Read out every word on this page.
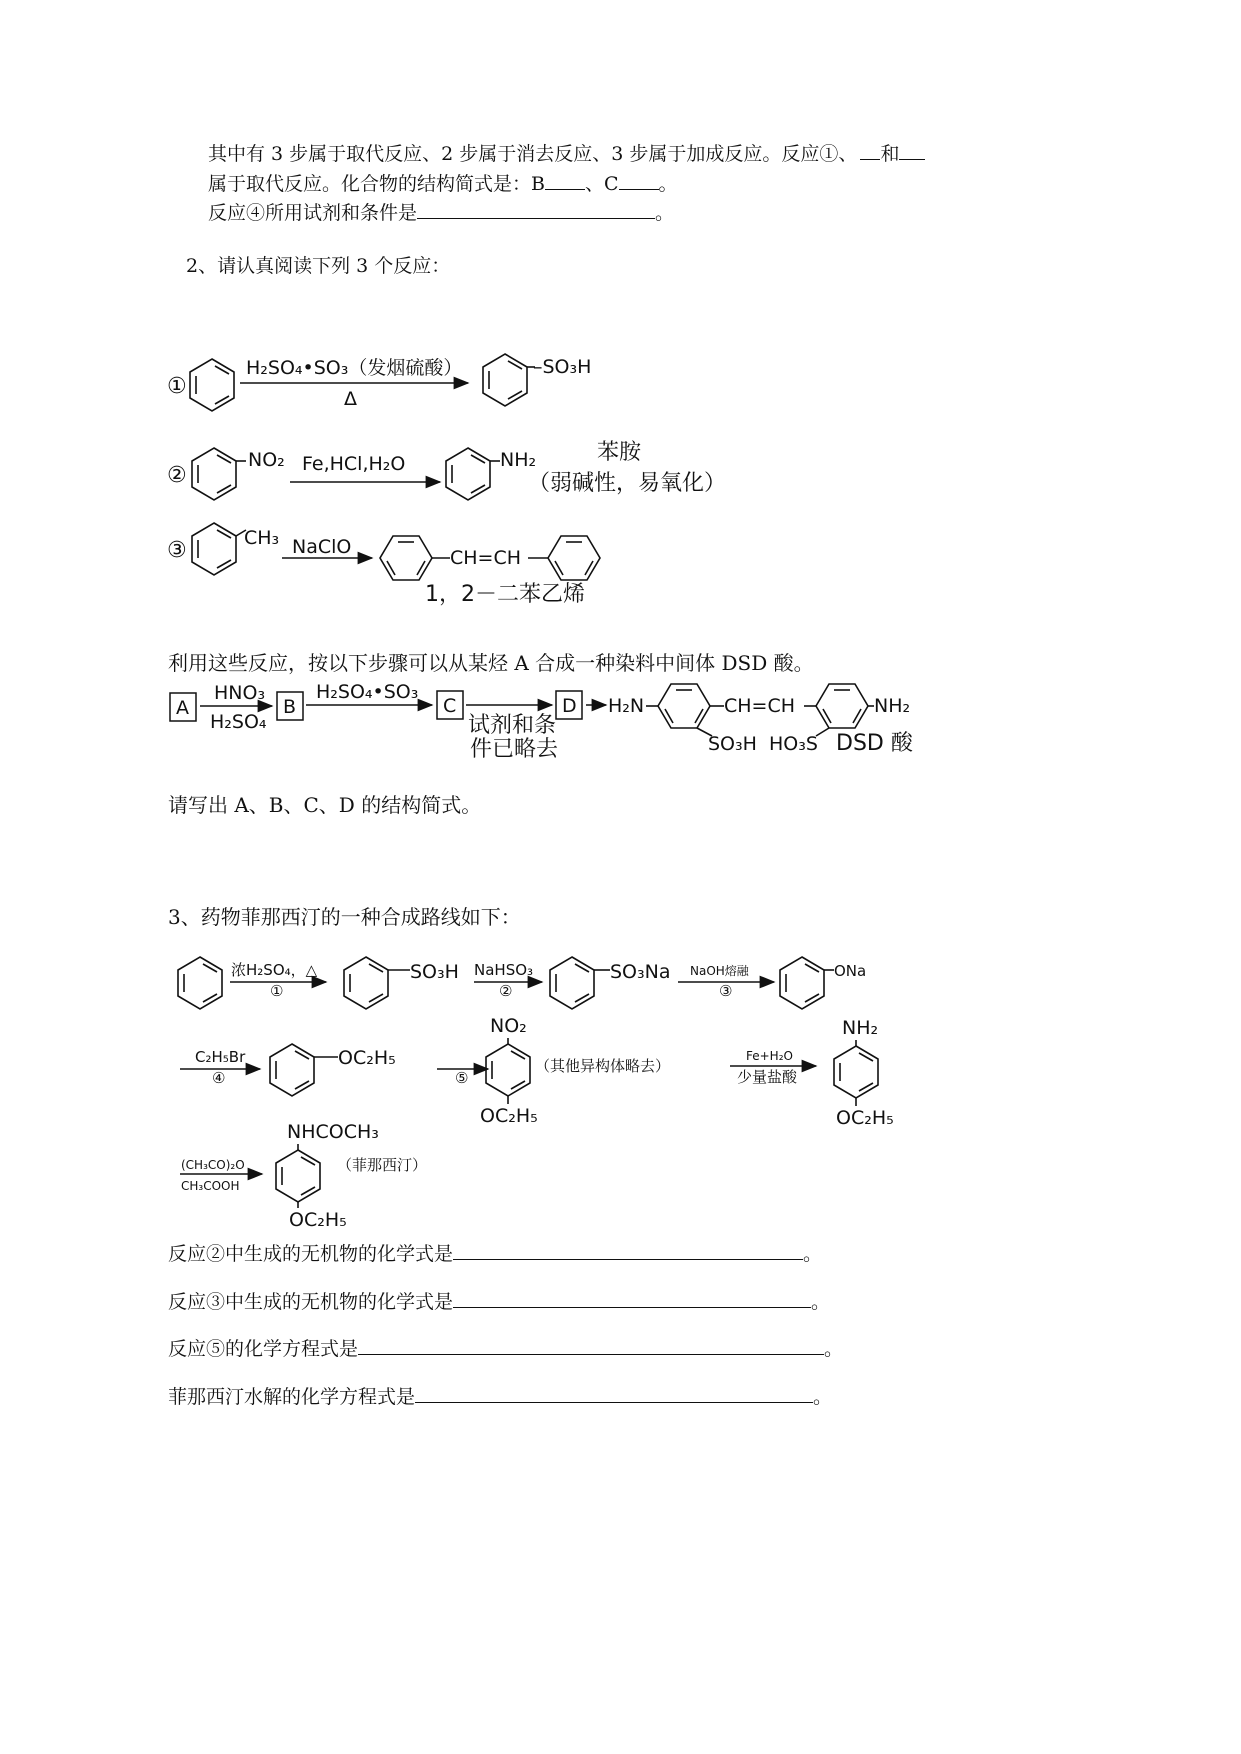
其中有 3 步属于取代反应、2 步属于消去反应、3 步属于加成反应。反应①、 和
属于取代反应。化合物的结构简式是：B 、C 。
反应④所用试剂和条件是	。
2、请认真阅读下列 3 个反应：
①
H₂SO₄•SO₃（发烟硫酸）
Δ
–SO₃H
②
NO₂ Fe,HCl,H₂O	NH₂	苯胺
（弱碱性，易氧化）
③	CH₃ NaClO	CH=CH
1，2－二苯乙烯
A
HNO₃
H₂SO₄
B
H₂SO₄•SO₃
C
试剂和条
件已略去
D H₂N	CH=CH	NH₂
SO₃H HO₃S DSD 酸
浓H₂SO₄，△
①
SO₃H NaHSO₃
②
SO₃Na NaOH熔融
③
ONa
C₂H₅Br
④
OC₂H₅
⑤
NO₂
OC₂H₅
（其他异构体略去）
Fe+H₂O
少量盐酸
NH₂
OC₂H₅
NHCOCH₃
(CH₃CO)₂O
CH₃COOH
OC₂H₅
（菲那西汀）
利用这些反应，按以下步骤可以从某烃 A 合成一种染料中间体 DSD 酸。
请写出 A、B、C、D 的结构简式。
3、药物菲那西汀的一种合成路线如下：
反应②中生成的无机物的化学式是	。
反应③中生成的无机物的化学式是	。
反应⑤的化学方程式是	。
菲那西汀水解的化学方程式是	。
